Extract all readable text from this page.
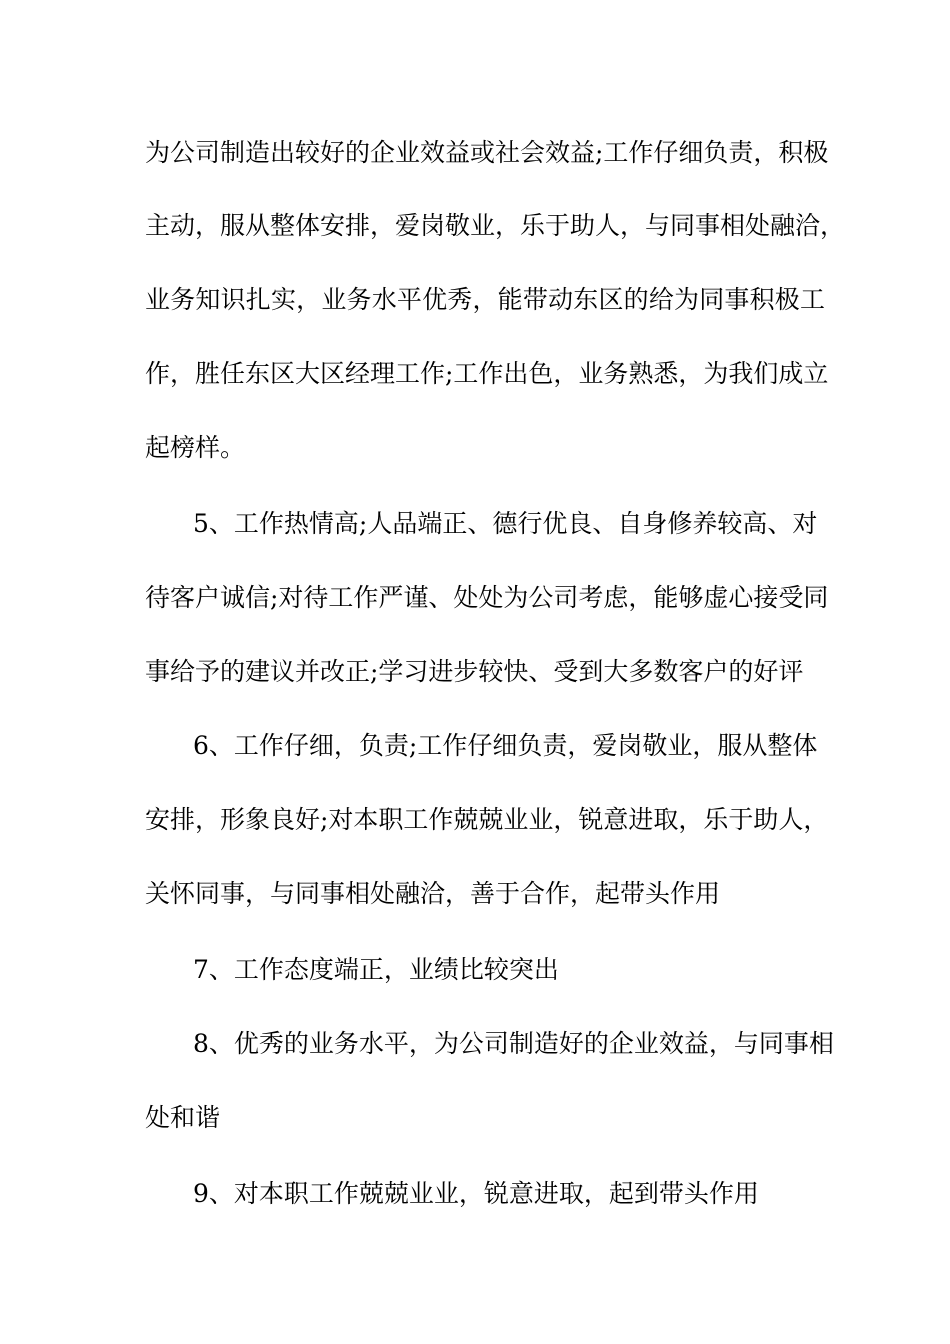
为公司制造出较好的企业效益或社会效益;工作仔细负责，积极
主动，服从整体安排，爱岗敬业，乐于助人，与同事相处融洽，
业务知识扎实，业务水平优秀，能带动东区的给为同事积极工
作，胜任东区大区经理工作;工作出色，业务熟悉，为我们成立
起榜样。
5、工作热情高;人品端正、德行优良、自身修养较高、对
待客户诚信;对待工作严谨、处处为公司考虑，能够虚心接受同
事给予的建议并改正;学习进步较快、受到大多数客户的好评
6、工作仔细，负责;工作仔细负责，爱岗敬业，服从整体
安排，形象良好;对本职工作兢兢业业，锐意进取，乐于助人，
关怀同事，与同事相处融洽，善于合作，起带头作用
7、工作态度端正，业绩比较突出
8、优秀的业务水平，为公司制造好的企业效益，与同事相
处和谐
9、对本职工作兢兢业业，锐意进取，起到带头作用
